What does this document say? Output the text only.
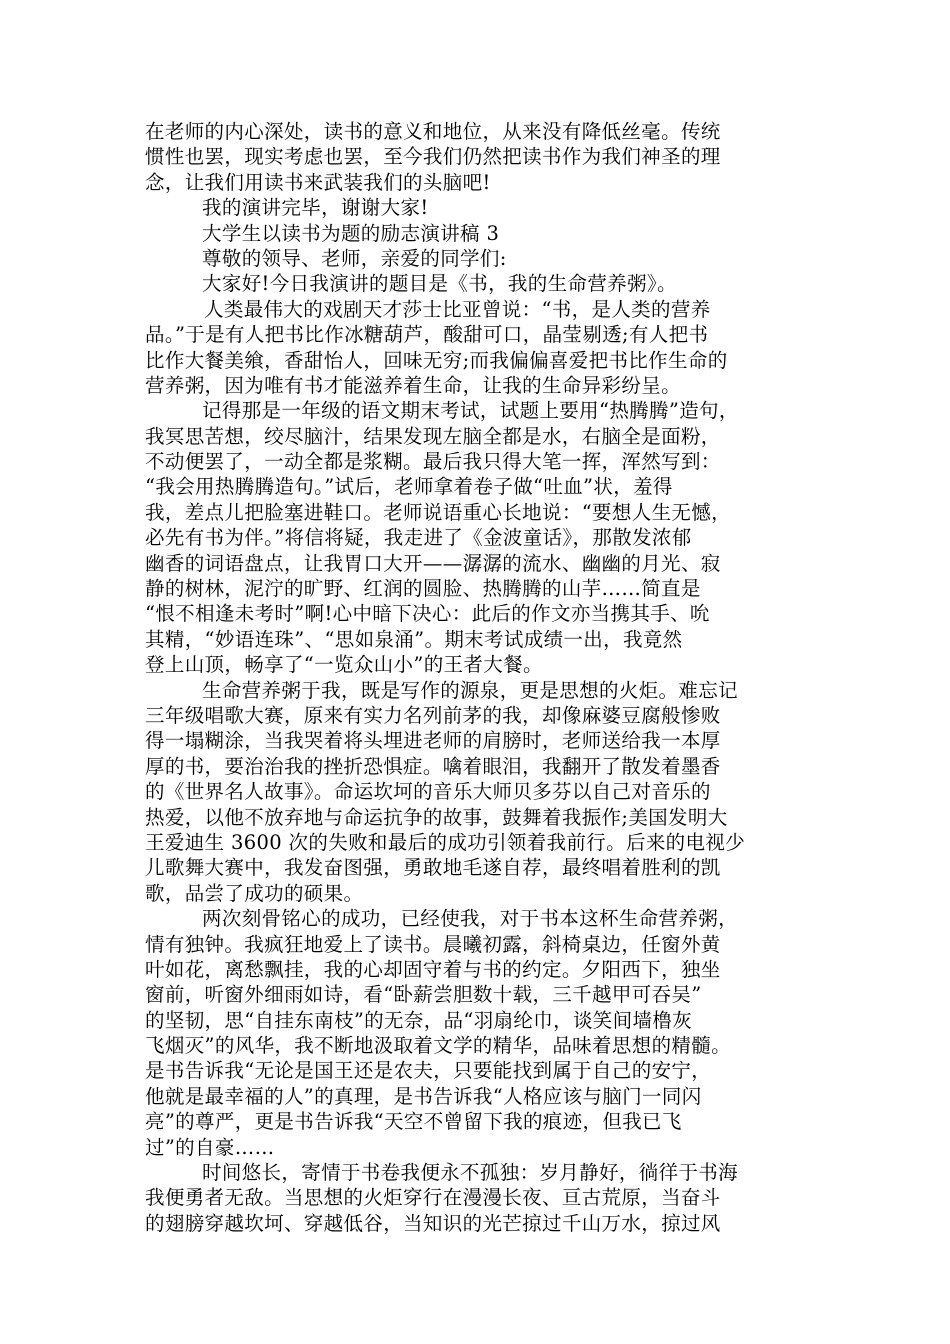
在老师的内心深处，读书的意义和地位，从来没有降低丝毫。传统
惯性也罢，现实考虑也罢，至今我们仍然把读书作为我们神圣的理
念，让我们用读书来武装我们的头脑吧!
我的演讲完毕，谢谢大家!
大学生以读书为题的励志演讲稿 3
尊敬的领导、老师，亲爱的同学们:
大家好!今日我演讲的题目是《书，我的生命营养粥》。
人类最伟大的戏剧天才莎士比亚曾说：“书，是人类的营养
品。”于是有人把书比作冰糖葫芦，酸甜可口，晶莹剔透;有人把书
比作大餐美飨，香甜怡人，回味无穷;而我偏偏喜爱把书比作生命的
营养粥，因为唯有书才能滋养着生命，让我的生命异彩纷呈。
记得那是一年级的语文期末考试，试题上要用“热腾腾”造句，
我冥思苦想，绞尽脑汁，结果发现左脑全都是水，右脑全是面粉，
不动便罢了，一动全都是浆糊。最后我只得大笔一挥，浑然写到：
“我会用热腾腾造句。”试后，老师拿着卷子做“吐血”状，羞得
我，差点儿把脸塞进鞋口。老师说语重心长地说：“要想人生无憾，
必先有书为伴。”将信将疑，我走进了《金波童话》，那散发浓郁
幽香的词语盘点，让我胃口大开——潺潺的流水、幽幽的月光、寂
静的树林，泥泞的旷野、红润的圆脸、热腾腾的山芋……简直是
“恨不相逢未考时”啊!心中暗下决心：此后的作文亦当携其手、吮
其精，“妙语连珠”、“思如泉涌”。期末考试成绩一出，我竟然
登上山顶，畅享了“一览众山小”的王者大餐。
生命营养粥于我，既是写作的源泉，更是思想的火炬。难忘记
三年级唱歌大赛，原来有实力名列前茅的我，却像麻婆豆腐般惨败
得一塌糊涂，当我哭着将头埋进老师的肩膀时，老师送给我一本厚
厚的书，要治治我的挫折恐惧症。噙着眼泪，我翻开了散发着墨香
的《世界名人故事》。命运坎坷的音乐大师贝多芬以自己对音乐的
热爱，以他不放弃地与命运抗争的故事，鼓舞着我振作;美国发明大
王爱迪生 3600 次的失败和最后的成功引领着我前行。后来的电视少
儿歌舞大赛中，我发奋图强，勇敢地毛遂自荐，最终唱着胜利的凯
歌，品尝了成功的硕果。
两次刻骨铭心的成功，已经使我，对于书本这杯生命营养粥，
情有独钟。我疯狂地爱上了读书。晨曦初露，斜椅桌边，任窗外黄
叶如花，离愁飘挂，我的心却固守着与书的约定。夕阳西下，独坐
窗前，听窗外细雨如诗，看“卧薪尝胆数十载，三千越甲可吞吴”
的坚韧，思“自挂东南枝”的无奈，品“羽扇纶巾，谈笑间墙橹灰
飞烟灭”的风华，我不断地汲取着文学的精华，品味着思想的精髓。
是书告诉我“无论是国王还是农夫，只要能找到属于自己的安宁，
他就是最幸福的人”的真理，是书告诉我“人格应该与脑门一同闪
亮”的尊严，更是书告诉我“天空不曾留下我的痕迹，但我已飞
过”的自豪……
时间悠长，寄情于书卷我便永不孤独：岁月静好，徜徉于书海
我便勇者无敌。当思想的火炬穿行在漫漫长夜、亘古荒原，当奋斗
的翅膀穿越坎坷、穿越低谷，当知识的光芒掠过千山万水，掠过风
